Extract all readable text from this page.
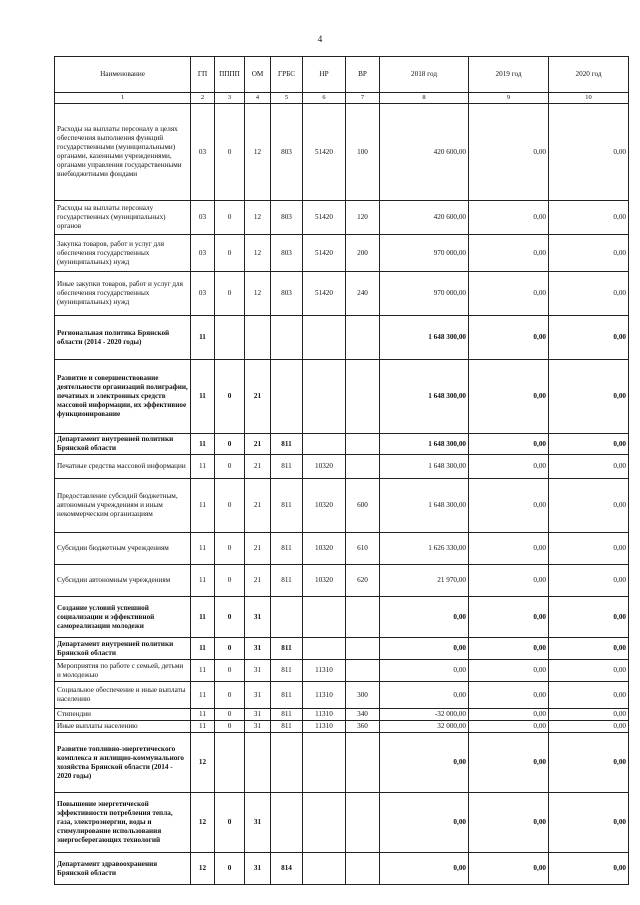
4
Наименование	ГП	ПППП	ОМ	ГРБС	НР	ВР	2018 год	2019 год	2020 год
1	2	3	4	5	6	7	8	9	10
Расходы на выплаты персоналу в целях обеспечения выполнения функций государственными (муниципальными) органами, казенными учреждениями, органами управления государственными внебюджетными фондами	03	0	12	803	51420	100	420 600,00	0,00	0,00
Расходы на выплаты персоналу государственных (муниципальных) органов	03	0	12	803	51420	120	420 600,00	0,00	0,00
Закупка товаров, работ и услуг для обеспечения государственных (муниципальных) нужд	03	0	12	803	51420	200	970 000,00	0,00	0,00
Иные закупки товаров, работ и услуг для обеспечения государственных (муниципальных) нужд	03	0	12	803	51420	240	970 000,00	0,00	0,00
Региональная политика Брянской области (2014 - 2020 годы)	11						1 648 300,00	0,00	0,00
Развитие и совершенствование деятельности организаций полиграфии, печатных и электронных средств массовой информации, их эффективное функционирование	11	0	21				1 648 300,00	0,00	0,00
Департамент внутренней политики Брянской области	11	0	21	811			1 648 300,00	0,00	0,00
Печатные средства массовой информации	11	0	21	811	10320		1 648 300,00	0,00	0,00
Предоставление субсидий бюджетным, автономным учреждениям и иным некоммерческим организациям	11	0	21	811	10320	600	1 648 300,00	0,00	0,00
Субсидии бюджетным учреждениям	11	0	21	811	10320	610	1 626 330,00	0,00	0,00
Субсидии автономным учреждениям	11	0	21	811	10320	620	21 970,00	0,00	0,00
Создание условий успешной социализации и эффективной самореализации молодежи	11	0	31				0,00	0,00	0,00
Департамент внутренней политики Брянской области	11	0	31	811			0,00	0,00	0,00
Мероприятия по работе с семьей, детьми и молодежью	11	0	31	811	11310		0,00	0,00	0,00
Социальное обеспечение и иные выплаты населению	11	0	31	811	11310	300	0,00	0,00	0,00
Стипендии	11	0	31	811	11310	340	-32 000,00	0,00	0,00
Иные выплаты населению	11	0	31	811	11310	360	32 000,00	0,00	0,00
Развитие топливно-энергетического комплекса и жилищно-коммунального хозяйства Брянской области (2014 - 2020 годы)	12						0,00	0,00	0,00
Повышение энергетической эффективности потребления тепла, газа, электроэнергии, воды и стимулирование использования энергосберегающих технологий	12	0	31				0,00	0,00	0,00
Департамент здравоохранения Брянской области	12	0	31	814			0,00	0,00	0,00
